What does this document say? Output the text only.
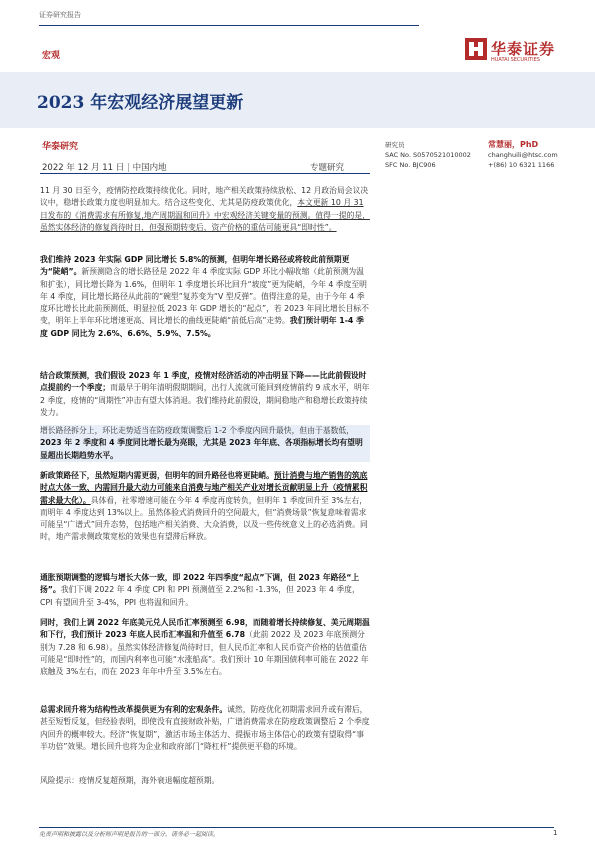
证券研究报告
宏观	华泰证券
HUATAI SECURITIES
2023 年宏观经济展望更新
华泰研究
2022 年 12 月 11 日 | 中国内地	专题研究
研究员	常慧丽，PhD
SAC No. S0570521010002	changhuili@htsc.com
SFC No. BJC906	+(86) 10 6321 1166

11 月 30 日至今，疫情防控政策持续优化。同时，地产相关政策持续放松、12 月政治局会议决议中，稳增长政策力度也明显加大。结合这些变化、尤其是防疫政策优化，本文更新 10 月 31 日发布的《消费需求有所修复,地产周期温和回升》中宏观经济关键变量的预测。值得一提的是，虽然实体经济的修复尚待时日，但强预期转变后，资产价格的重估可能更具“即时性”。

我们维持 2023 年实际 GDP 同比增长 5.8%的预测，但明年增长路径或将较此前预期更为“陡峭”。新预测隐含的增长路径是 2022 年 4 季度实际 GDP 环比小幅收缩（此前预测为温和扩张），同比增长降为 1.6%，但明年 1 季度增长环比回升“坡度”更为陡峭，今年 4 季度至明年 4 季度，同比增长路径从此前的“碗型”复苏变为“V 型反弹”。值得注意的是，由于今年 4 季度环比增长比此前预测低、明显拉低 2023 年 GDP 增长的“起点”，若 2023 年同比增长目标不变，明年上半年环比增速更高、同比增长的曲线更陡峭“前低后高”走势。我们预计明年 1-4 季度 GDP 同比为 2.6%、6.6%、5.9%、7.5%。

结合政策预测，我们假设 2023 年 1 季度，疫情对经济活动的冲击明显下降——比此前假设时点提前约一个季度；而最早于明年清明假期期间，出行人流就可能回到疫情前约 9 成水平，明年 2 季度，疫情的“周期性”冲击有望大体消退。我们维持此前假设，期间稳地产和稳增长政策持续发力。

增长路径拆分上，环比走势适当在防疫政策调整后 1-2 个季度内回升最快，但由于基数低，2023 年 2 季度和 4 季度同比增长最为亮眼，尤其是 2023 年年底、各项指标增长均有望明显超出长期趋势水平。

新政策路径下，虽然短期内需更弱，但明年的回升路径也将更陡峭。预计消费与地产销售的筑底时点大体一致、内需回升最大动力可能来自消费与地产相关产业对增长贡献明显上升（疫情累积需求最大化）。具体看，社零增速可能在今年 4 季度再度转负，但明年 1 季度回升至 3%左右，而明年 4 季度达到 13%以上。虽然体验式消费回升的空间最大，但“消费场景”恢复意味着需求可能呈“广谱式”回升态势，包括地产相关消费、大众消费，以及一些传统意义上的必选消费。同时，地产需求侧政策宽松的效果也有望滞后释放。

通胀预期调整的逻辑与增长大体一致，即 2022 年四季度“起点”下调，但 2023 年路径“上扬”。我们下调 2022 年 4 季度 CPI 和 PPI 预测值至 2.2%和 -1.3%，但 2023 年 4 季度，CPI 有望回升至 3-4%，PPI 也将温和回升。

同时，我们上调 2022 年底美元兑人民币汇率预测至 6.98，而随着增长持续修复、美元周期温和下行，我们预计 2023 年底人民币汇率温和升值至 6.78（此前 2022 及 2023 年底预测分别为 7.28 和 6.98）。虽然实体经济修复尚待时日，但人民币汇率和人民币资产价格的估值重估可能是“即时性”的，而国内利率也可能“水涨船高”。我们预计 10 年期国债利率可能在 2022 年底触及 3%左右，而在 2023 年年中升至 3.5%左右。

总需求回升将为结构性改革提供更为有利的宏观条件。诚然，防疫优化初期需求回升或有滞后，甚至短暂反复，但经验表明，即使没有直接财政补贴，广谱消费需求在防疫政策调整后 2 个季度内回升的概率较大。经济“恢复期”，激活市场主体活力、提振市场主体信心的政策有望取得“事半功倍”效果。增长回升也将为企业和政府部门“降杠杆”提供更平稳的环境。

风险提示：疫情反复超预期，海外衰退幅度超预期。

免责声明和披露以及分析师声明是报告的一部分，请务必一起阅读。	1
